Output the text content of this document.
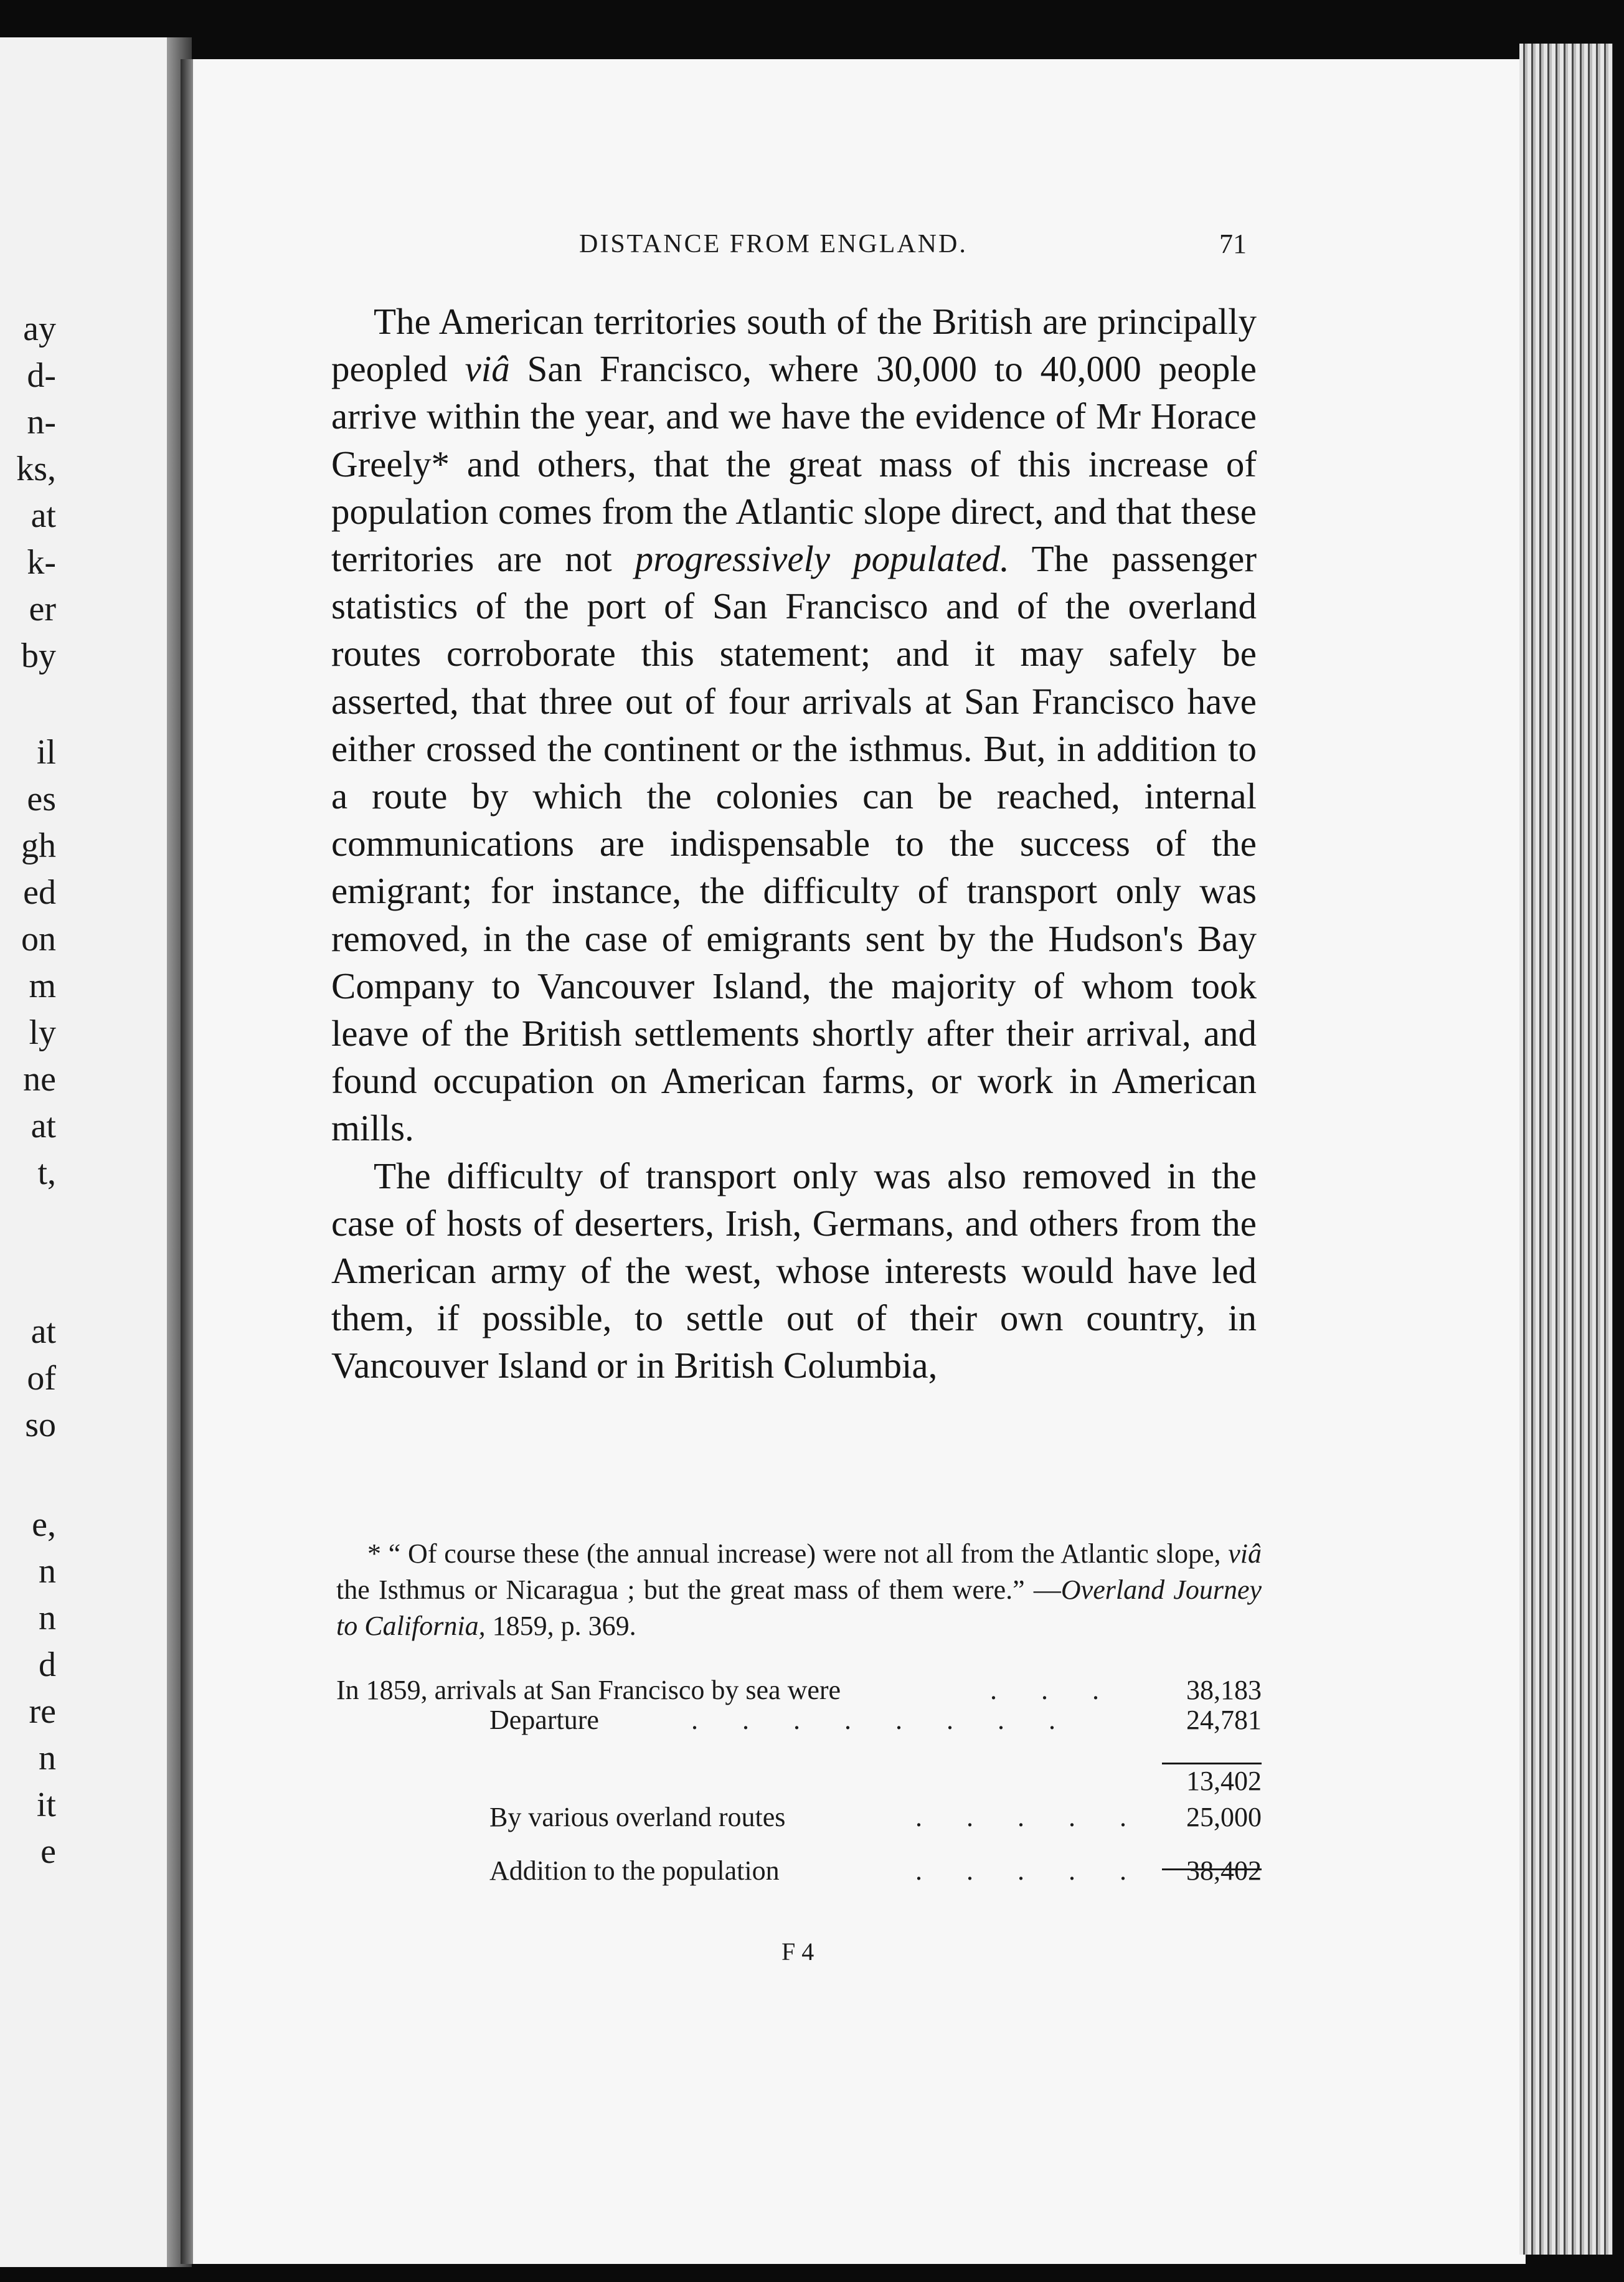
ay
d-
n-
ks,
at
k-
er
by
il
es
gh
ed
on
m
ly
ne
at
t,
at
of
so
e,
n
n
d
re
n
it
e
DISTANCE FROM ENGLAND.	71

The American territories south of the British are principally peopled viâ San Francisco, where 30,000 to 40,000 people arrive within the year, and we have the evidence of Mr Horace Greely* and others, that the great mass of this increase of population comes from the Atlantic slope direct, and that these territories are not progressively populated. The passenger statistics of the port of San Francisco and of the overland routes corroborate this statement; and it may safely be asserted, that three out of four arrivals at San Francisco have either crossed the continent or the isthmus. But, in addition to a route by which the colonies can be reached, internal communications are indispensable to the success of the emigrant; for instance, the difficulty of transport only was removed, in the case of emigrants sent by the Hudson's Bay Company to Vancouver Island, the majority of whom took leave of the British settlements shortly after their arrival, and found occupation on American farms, or work in American mills.

The difficulty of transport only was also removed in the case of hosts of deserters, Irish, Germans, and others from the American army of the west, whose interests would have led them, if possible, to settle out of their own country, in Vancouver Island or in British Columbia,

* “ Of course these (the annual increase) were not all from the Atlantic slope, viâ the Isthmus or Nicaragua ; but the great mass of them were.” —Overland Journey to California, 1859, p. 369.

In 1859, arrivals at San Francisco by sea were	. . .	38,183
Departure	. . . . . . . .	24,781
13,402
By various overland routes	. . . . . 25,000
Addition to the population	. . . . . 38,402
F 4
